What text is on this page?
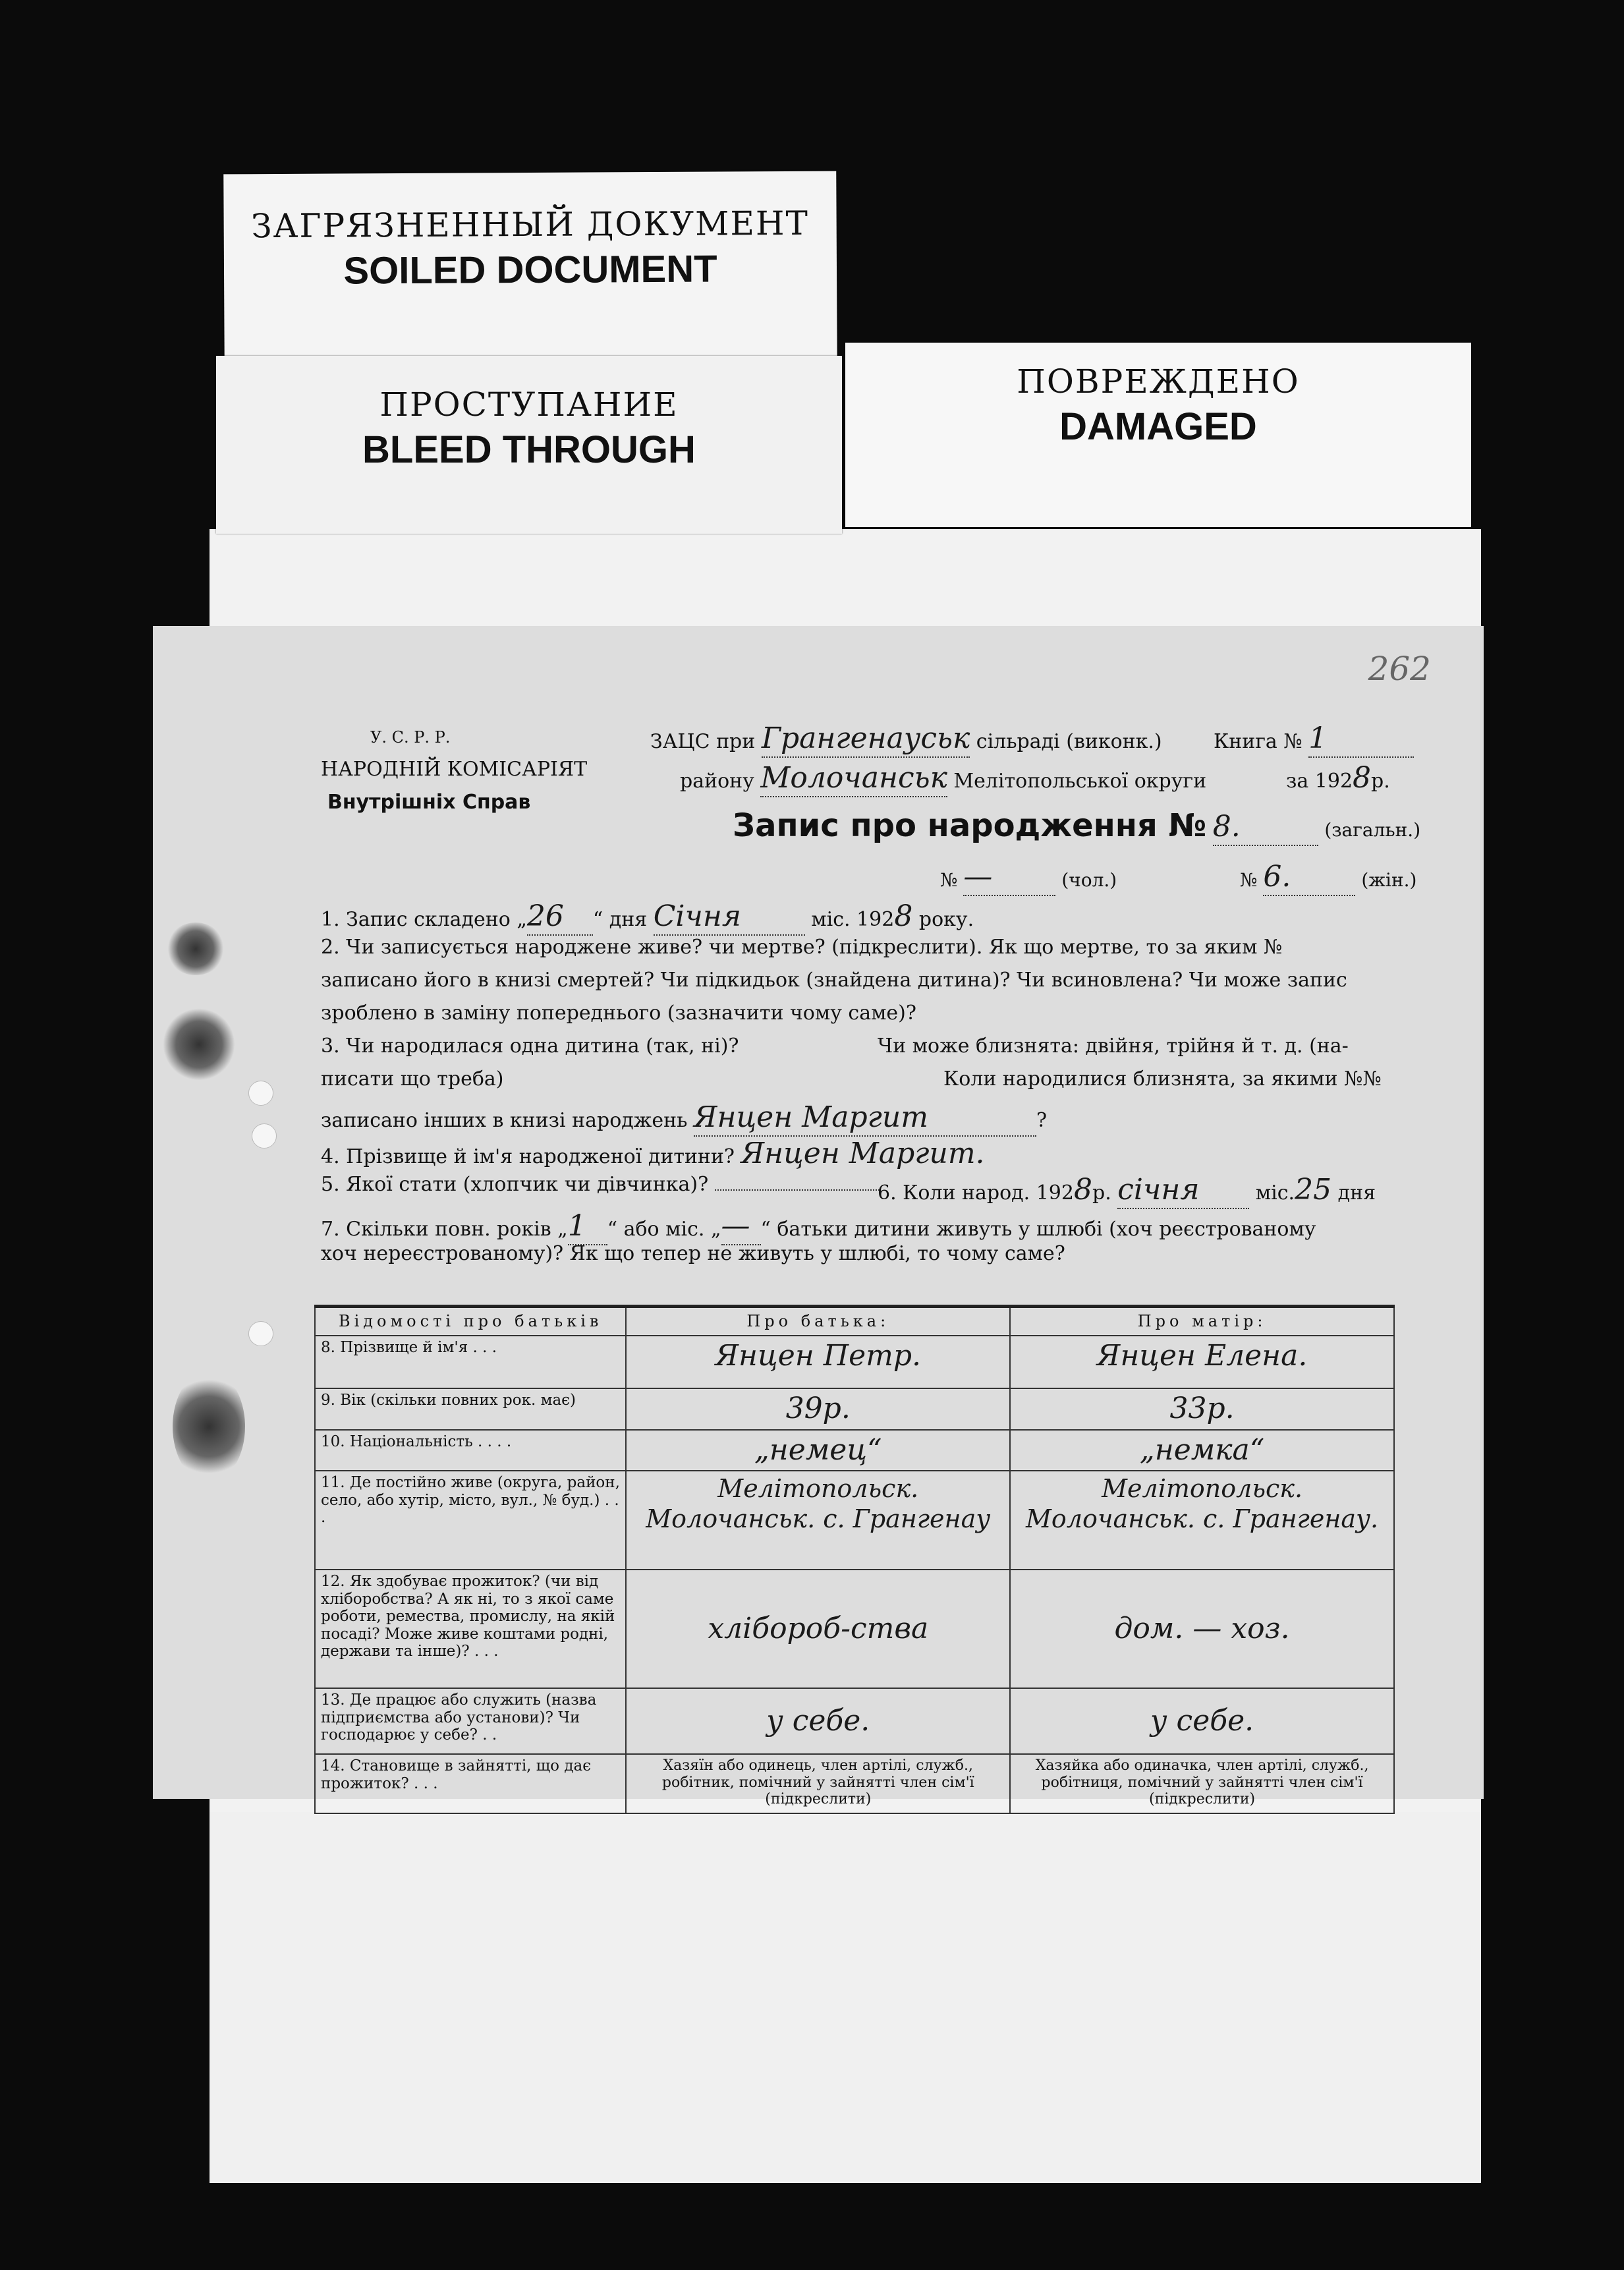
ЗАГРЯЗНЕННЫЙ ДОКУМЕНТ
SOILED DOCUMENT
ПРОСТУПАНИЕ
BLEED THROUGH
ПОВРЕЖДЕНО
DAMAGED
262
У. С. Р. Р.
НАРОДНІЙ КОМІСАРІЯТ
Внутрішніх Справ
ЗАЦС при Грангенауськ сільраді (виконк.)	Книга № 1
району Молочанськ Мелітопольської округи	за 1928р.
Запис про народження № 8.	(загальн.)
№ —	(чол.)	№ 6.	(жін.)
1. Запис складено „26 “ дня Січня	міс. 1928 року.
2. Чи записується народжене живе? чи мертве? (підкреслити). Як що мертве, то за яким №
записано його в книзі смертей? Чи підкидьок (знайдена дитина)? Чи всиновлена? Чи може запис
зроблено в заміну попереднього (зазначити чому саме)?
3. Чи народилася одна дитина (так, ні)?	Чи може близнята: двійня, трійня й т. д. (на-
писати що треба)	Коли народилися близнята, за якими №№
записано інших в книзі народжень Янцен Маргит	?
4. Прізвище й ім'я народженої дитини? Янцен Маргит.
5. Якої стати (хлопчик чи дівчинка)?	6. Коли народ. 1928р. січня	міс.25 дня
7. Скільки повн. років „1 “ або міс. „— “ батьки дитини живуть у шлюбі (хоч реєстрованому
хоч нереєстрованому)? Як що тепер не живуть у шлюбі, то чому саме?
Відомості про батьків	Про батька:	Про матір:
8. Прізвище й ім'я . . .	Янцен Петр.	Янцен Елена.
9. Вік (скільки повних рок. має)	39р.	33р.
10. Національність . . . .	„немец“	„немка“
11. Де постійно живе (округа, район, село, або хутір, місто, вул., № буд.) . . .	Мелітопольск. Молочанськ. с. Грангенау	Мелітопольск. Молочанськ. с. Грангенау.
12. Як здобуває прожиток? (чи від хліборобства? А як ні, то з якої саме роботи, ремества, промислу, на якій посаді? Може живе коштами родні, держави та інше)? . . .	хлібороб-ства	дом. — хоз.
13. Де працює або служить (назва підприємства або установи)? Чи господарює у себе? . .	у себе.	у себе.
14. Становище в зайнятті, що дає прожиток? . . .	Хазяїн або одинець, член артілі, служб., робітник, помічний у зайнятті член сім'ї (підкреслити)	Хазяйка або одиначка, член артілі, служб., робітниця, помічний у зайнятті член сім'ї (підкреслити)
